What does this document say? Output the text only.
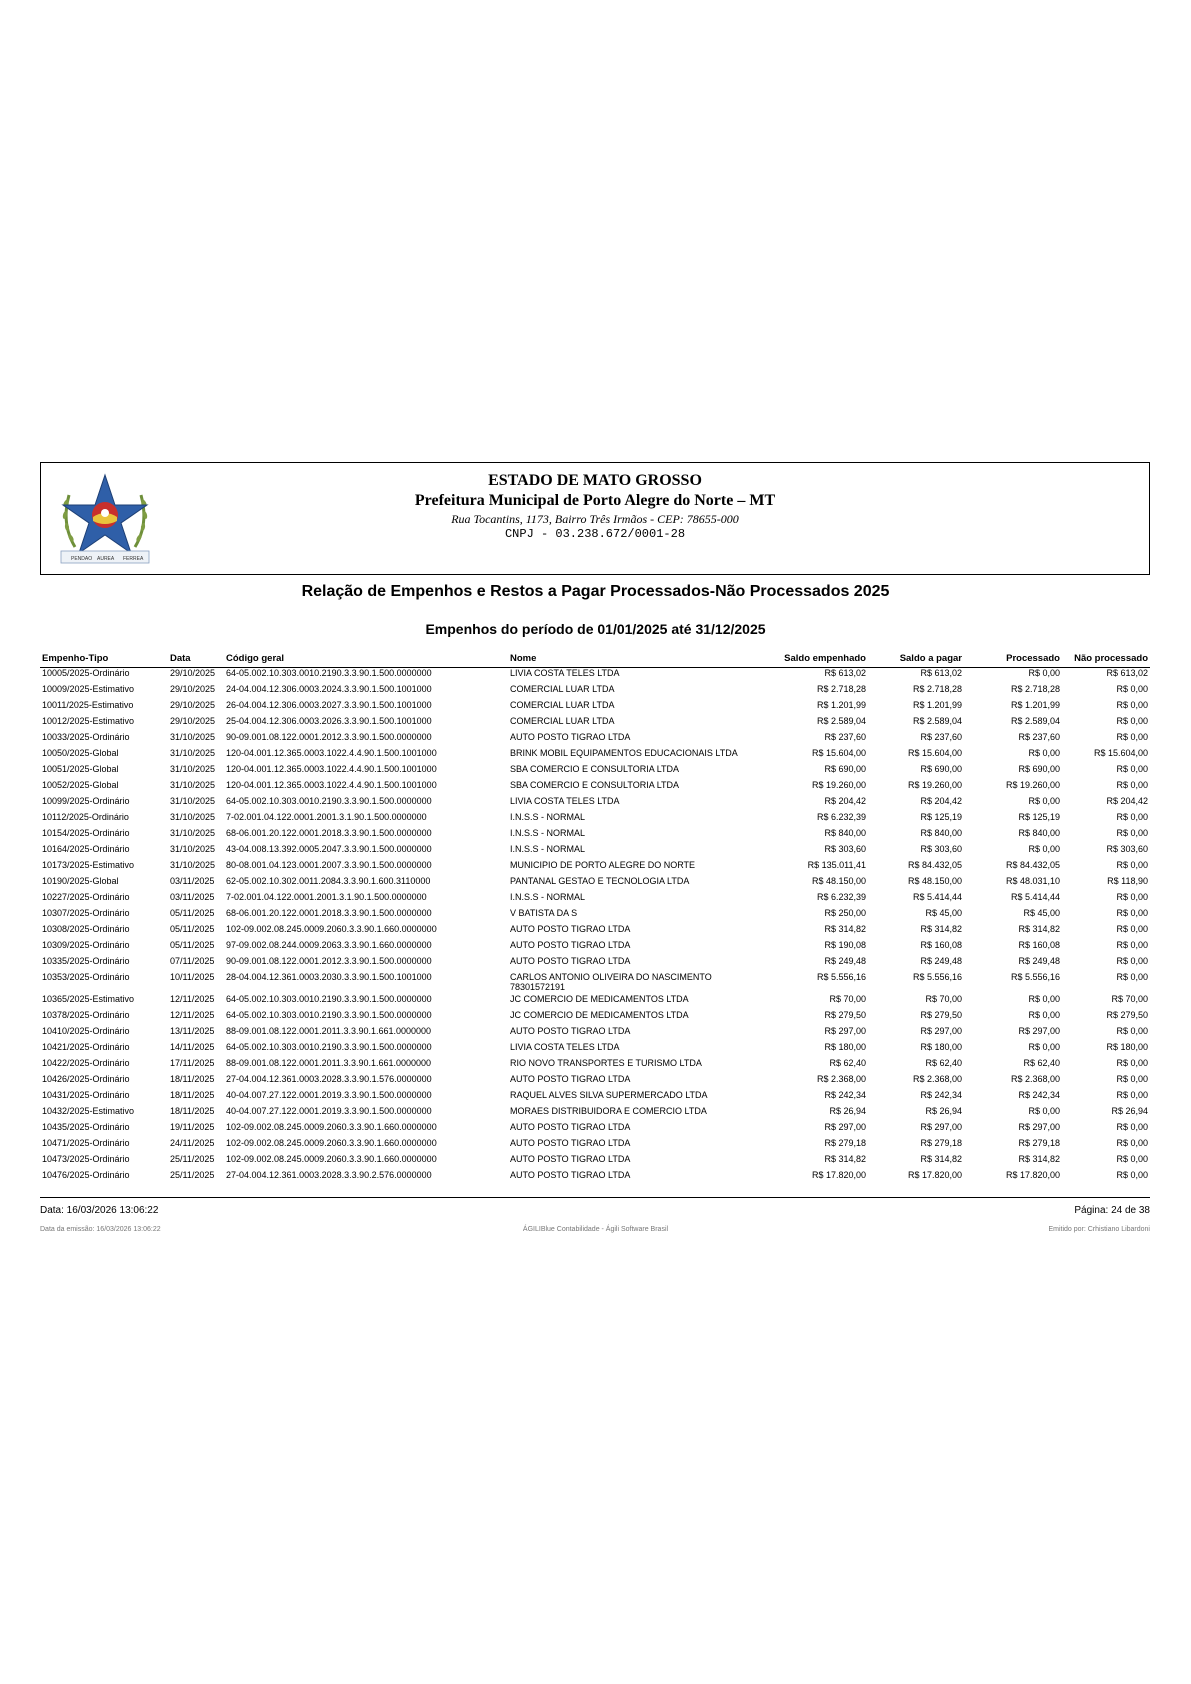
PENDAO AUREA FERREA
ESTADO DE MATO GROSSO
Prefeitura Municipal de Porto Alegre do Norte – MT
Rua Tocantins, 1173, Bairro Três Irmãos - CEP: 78655-000
CNPJ - 03.238.672/0001-28
Relação de Empenhos e Restos a Pagar Processados-Não Processados 2025
Empenhos do período de 01/01/2025 até 31/12/2025
Empenho-Tipo	Data	Código geral	Nome	Saldo empenhado	Saldo a pagar	Processado	Não processado
10005/2025-Ordinário	29/10/2025	64-05.002.10.303.0010.2190.3.3.90.1.500.0000000	LIVIA COSTA TELES LTDA	R$ 613,02	R$ 613,02	R$ 0,00	R$ 613,02
10009/2025-Estimativo	29/10/2025	24-04.004.12.306.0003.2024.3.3.90.1.500.1001000	COMERCIAL LUAR LTDA	R$ 2.718,28	R$ 2.718,28	R$ 2.718,28	R$ 0,00
10011/2025-Estimativo	29/10/2025	26-04.004.12.306.0003.2027.3.3.90.1.500.1001000	COMERCIAL LUAR LTDA	R$ 1.201,99	R$ 1.201,99	R$ 1.201,99	R$ 0,00
10012/2025-Estimativo	29/10/2025	25-04.004.12.306.0003.2026.3.3.90.1.500.1001000	COMERCIAL LUAR LTDA	R$ 2.589,04	R$ 2.589,04	R$ 2.589,04	R$ 0,00
10033/2025-Ordinário	31/10/2025	90-09.001.08.122.0001.2012.3.3.90.1.500.0000000	AUTO POSTO TIGRAO LTDA	R$ 237,60	R$ 237,60	R$ 237,60	R$ 0,00
10050/2025-Global	31/10/2025	120-04.001.12.365.0003.1022.4.4.90.1.500.1001000	BRINK MOBIL EQUIPAMENTOS EDUCACIONAIS LTDA	R$ 15.604,00	R$ 15.604,00	R$ 0,00	R$ 15.604,00
10051/2025-Global	31/10/2025	120-04.001.12.365.0003.1022.4.4.90.1.500.1001000	SBA COMERCIO E CONSULTORIA LTDA	R$ 690,00	R$ 690,00	R$ 690,00	R$ 0,00
10052/2025-Global	31/10/2025	120-04.001.12.365.0003.1022.4.4.90.1.500.1001000	SBA COMERCIO E CONSULTORIA LTDA	R$ 19.260,00	R$ 19.260,00	R$ 19.260,00	R$ 0,00
10099/2025-Ordinário	31/10/2025	64-05.002.10.303.0010.2190.3.3.90.1.500.0000000	LIVIA COSTA TELES LTDA	R$ 204,42	R$ 204,42	R$ 0,00	R$ 204,42
10112/2025-Ordinário	31/10/2025	7-02.001.04.122.0001.2001.3.1.90.1.500.0000000	I.N.S.S - NORMAL	R$ 6.232,39	R$ 125,19	R$ 125,19	R$ 0,00
10154/2025-Ordinário	31/10/2025	68-06.001.20.122.0001.2018.3.3.90.1.500.0000000	I.N.S.S - NORMAL	R$ 840,00	R$ 840,00	R$ 840,00	R$ 0,00
10164/2025-Ordinário	31/10/2025	43-04.008.13.392.0005.2047.3.3.90.1.500.0000000	I.N.S.S - NORMAL	R$ 303,60	R$ 303,60	R$ 0,00	R$ 303,60
10173/2025-Estimativo	31/10/2025	80-08.001.04.123.0001.2007.3.3.90.1.500.0000000	MUNICIPIO DE PORTO ALEGRE DO NORTE	R$ 135.011,41	R$ 84.432,05	R$ 84.432,05	R$ 0,00
10190/2025-Global	03/11/2025	62-05.002.10.302.0011.2084.3.3.90.1.600.3110000	PANTANAL GESTAO E TECNOLOGIA LTDA	R$ 48.150,00	R$ 48.150,00	R$ 48.031,10	R$ 118,90
10227/2025-Ordinário	03/11/2025	7-02.001.04.122.0001.2001.3.1.90.1.500.0000000	I.N.S.S - NORMAL	R$ 6.232,39	R$ 5.414,44	R$ 5.414,44	R$ 0,00
10307/2025-Ordinário	05/11/2025	68-06.001.20.122.0001.2018.3.3.90.1.500.0000000	V BATISTA DA S	R$ 250,00	R$ 45,00	R$ 45,00	R$ 0,00
10308/2025-Ordinário	05/11/2025	102-09.002.08.245.0009.2060.3.3.90.1.660.0000000	AUTO POSTO TIGRAO LTDA	R$ 314,82	R$ 314,82	R$ 314,82	R$ 0,00
10309/2025-Ordinário	05/11/2025	97-09.002.08.244.0009.2063.3.3.90.1.660.0000000	AUTO POSTO TIGRAO LTDA	R$ 190,08	R$ 160,08	R$ 160,08	R$ 0,00
10335/2025-Ordinário	07/11/2025	90-09.001.08.122.0001.2012.3.3.90.1.500.0000000	AUTO POSTO TIGRAO LTDA	R$ 249,48	R$ 249,48	R$ 249,48	R$ 0,00
10353/2025-Ordinário	10/11/2025	28-04.004.12.361.0003.2030.3.3.90.1.500.1001000	CARLOS ANTONIO OLIVEIRA DO NASCIMENTO 78301572191	R$ 5.556,16	R$ 5.556,16	R$ 5.556,16	R$ 0,00
10365/2025-Estimativo	12/11/2025	64-05.002.10.303.0010.2190.3.3.90.1.500.0000000	JC COMERCIO DE MEDICAMENTOS LTDA	R$ 70,00	R$ 70,00	R$ 0,00	R$ 70,00
10378/2025-Ordinário	12/11/2025	64-05.002.10.303.0010.2190.3.3.90.1.500.0000000	JC COMERCIO DE MEDICAMENTOS LTDA	R$ 279,50	R$ 279,50	R$ 0,00	R$ 279,50
10410/2025-Ordinário	13/11/2025	88-09.001.08.122.0001.2011.3.3.90.1.661.0000000	AUTO POSTO TIGRAO LTDA	R$ 297,00	R$ 297,00	R$ 297,00	R$ 0,00
10421/2025-Ordinário	14/11/2025	64-05.002.10.303.0010.2190.3.3.90.1.500.0000000	LIVIA COSTA TELES LTDA	R$ 180,00	R$ 180,00	R$ 0,00	R$ 180,00
10422/2025-Ordinário	17/11/2025	88-09.001.08.122.0001.2011.3.3.90.1.661.0000000	RIO NOVO TRANSPORTES E TURISMO LTDA	R$ 62,40	R$ 62,40	R$ 62,40	R$ 0,00
10426/2025-Ordinário	18/11/2025	27-04.004.12.361.0003.2028.3.3.90.1.576.0000000	AUTO POSTO TIGRAO LTDA	R$ 2.368,00	R$ 2.368,00	R$ 2.368,00	R$ 0,00
10431/2025-Ordinário	18/11/2025	40-04.007.27.122.0001.2019.3.3.90.1.500.0000000	RAQUEL ALVES SILVA SUPERMERCADO LTDA	R$ 242,34	R$ 242,34	R$ 242,34	R$ 0,00
10432/2025-Estimativo	18/11/2025	40-04.007.27.122.0001.2019.3.3.90.1.500.0000000	MORAES DISTRIBUIDORA E COMERCIO LTDA	R$ 26,94	R$ 26,94	R$ 0,00	R$ 26,94
10435/2025-Ordinário	19/11/2025	102-09.002.08.245.0009.2060.3.3.90.1.660.0000000	AUTO POSTO TIGRAO LTDA	R$ 297,00	R$ 297,00	R$ 297,00	R$ 0,00
10471/2025-Ordinário	24/11/2025	102-09.002.08.245.0009.2060.3.3.90.1.660.0000000	AUTO POSTO TIGRAO LTDA	R$ 279,18	R$ 279,18	R$ 279,18	R$ 0,00
10473/2025-Ordinário	25/11/2025	102-09.002.08.245.0009.2060.3.3.90.1.660.0000000	AUTO POSTO TIGRAO LTDA	R$ 314,82	R$ 314,82	R$ 314,82	R$ 0,00
10476/2025-Ordinário	25/11/2025	27-04.004.12.361.0003.2028.3.3.90.2.576.0000000	AUTO POSTO TIGRAO LTDA	R$ 17.820,00	R$ 17.820,00	R$ 17.820,00	R$ 0,00
Data: 16/03/2026 13:06:22	Página: 24 de 38
Data da emissão: 16/03/2026 13:06:22	ÁGILIBlue Contabilidade - Ágili Software Brasil	Emitido por: Crhistiano Libardoni
